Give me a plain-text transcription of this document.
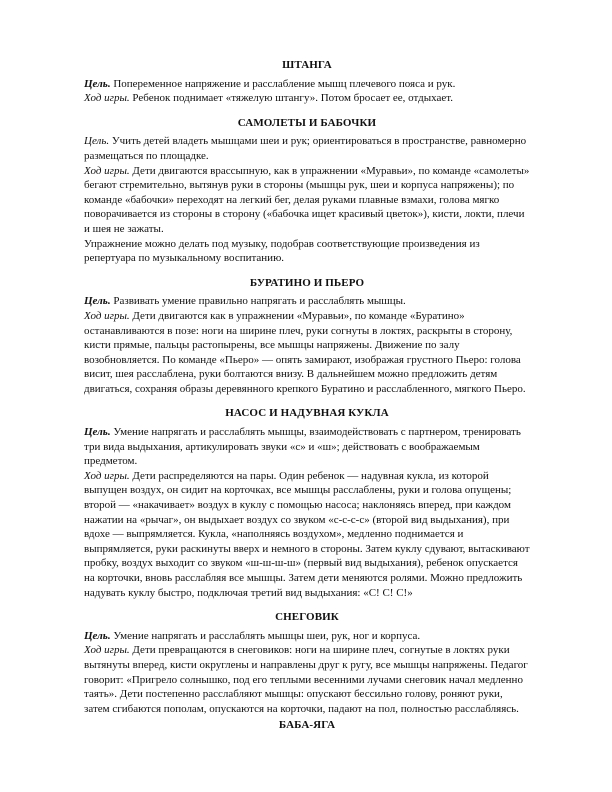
ШТАНГА

Цель. Попеременное напряжение и расслабление мышц плечевого пояса и рук.

Ход игры. Ребенок поднимает «тяжелую штангу». Потом бросает ее, отдыхает.

САМОЛЕТЫ И БАБОЧКИ

Цель. Учить детей владеть мышцами шеи и рук; ориентироваться в пространстве, равномерно размещаться по площадке.

Ход игры. Дети двигаются врассыпную, как в упражнении «Муравьи», по команде «самолеты» бегают стремительно, вытянув руки в стороны (мышцы рук, шеи и корпуса напряжены); по команде «бабочки» переходят на легкий бег, делая руками плавные взмахи, голова мягко поворачивается из стороны в сторону («бабочка ищет красивый цветок»), кисти, локти, плечи и шея не зажаты.

Упражнение можно делать под музыку, подобрав соответствующие произведения из репертуара по музыкальному воспитанию.

БУРАТИНО И ПЬЕРО

Цель. Развивать умение правильно напрягать и расслаблять мышцы.

Ход игры. Дети двигаются как в упражнении «Муравьи», по команде «Буратино» останавливаются в позе: ноги на ширине плеч, руки согнуты в локтях, раскрыты в сторону, кисти прямые, пальцы растопырены, все мышцы напряжены. Движение по залу возобновляется. По команде «Пьеро» — опять замирают, изображая грустного Пьеро: голова висит, шея расслаблена, руки болтаются внизу. В дальнейшем можно предложить детям двигаться, сохраняя образы деревянного крепкого Буратино и расслабленного, мягкого Пьеро.

НАСОС И НАДУВНАЯ КУКЛА

Цель. Умение напрягать и расслаблять мышцы, взаимодействовать с партнером, тренировать три вида выдыхания, артикулировать звуки «с» и «ш»; действовать с воображаемым предметом.

Ход игры. Дети распределяются на пары. Один ребенок — надувная кукла, из которой выпущен воздух, он сидит на корточках, все мышцы расслаблены, руки и голова опущены; второй — «накачивает» воздух в куклу с помощью насоса; наклоняясь вперед, при каждом нажатии на «рычаг», он выдыхает воздух со звуком «с-с-с-с» (второй вид выдыхания), при вдохе — выпрямляется. Кукла, «наполняясь воздухом», медленно поднимается и выпрямляется, руки раскинуты вверх и немного в стороны. Затем куклу сдувают, вытаскивают пробку, воздух выходит со звуком «ш-ш-ш-ш» (первый вид выдыхания), ребенок опускается на корточки, вновь расслабляя все мышцы. Затем дети меняются ролями. Можно предложить надувать куклу быстро, подключая третий вид выдыхания: «С! С! С!»

СНЕГОВИК

Цель. Умение напрягать и расслаблять мышцы шеи, рук, ног и корпуса.

Ход игры. Дети превращаются в снеговиков: ноги на ширине плеч, согнутые в локтях руки вытянуты вперед, кисти округлены и направлены друг к ругу, все мышцы напряжены. Педагог говорит: «Пригрело солнышко, под его теплыми весенними лучами снеговик начал медленно таять». Дети постепенно расслабляют мышцы: опускают бессильно голову, роняют руки, затем сгибаются пополам, опускаются на корточки, падают на пол, полностью расслабляясь.

БАБА-ЯГА
